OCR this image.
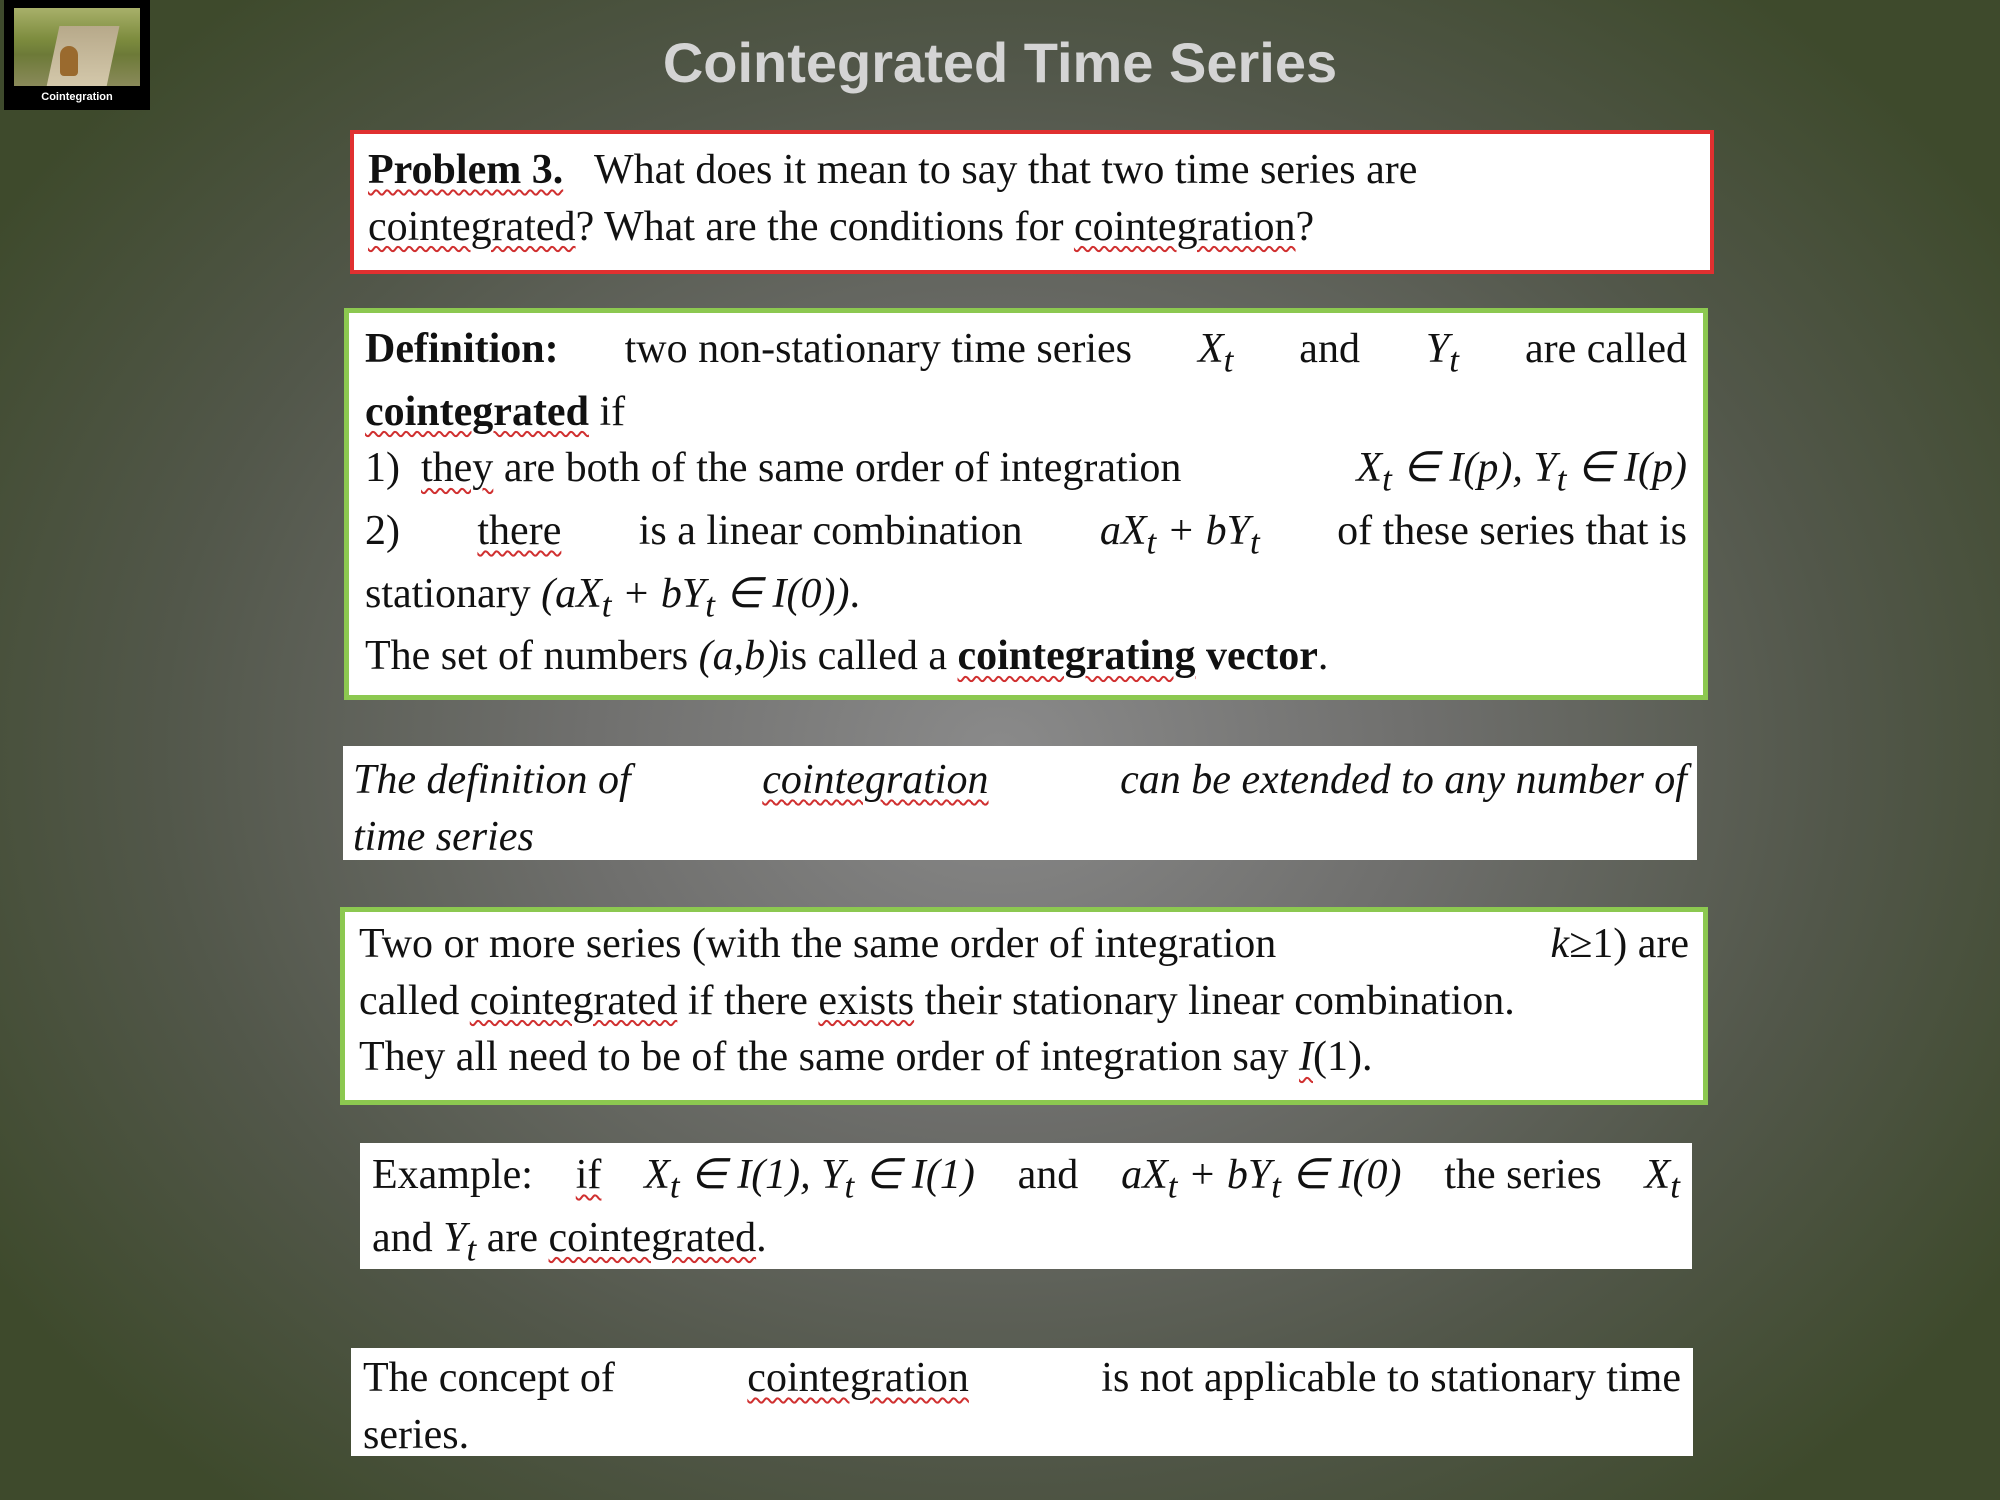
Cointegration
Cointegrated Time Series
Problem 3. What does it mean to say that two time series are
cointegrated? What are the conditions for cointegration?
Definition: two non-stationary time series $X_t$ and $Y_t$ are called
cointegrated if
1) they are both of the same order of integration	$X_t$ ∈ I(p), $Y_t$ ∈ I(p)
2) there is a linear combination $aX_t + bY_t$ of these series that is
stationary ($aX_t + bY_t$ ∈ I(0)).
The set of numbers (a,b)is called a cointegrating vector.
The definition of	cointegration	can be extended to any number of
time series
Two or more series (with the same order of integration	k≥1) are
called cointegrated if there exists their stationary linear combination.
They all need to be of the same order of integration say I(1).
Example: if $X_t$ ∈ I(1), $Y_t$ ∈ I(1) and $aX_t + bY_t$ ∈ I(0) the series $X_t$
and $Y_t$ are cointegrated.
The concept of	cointegration	is not applicable to stationary time
series.
